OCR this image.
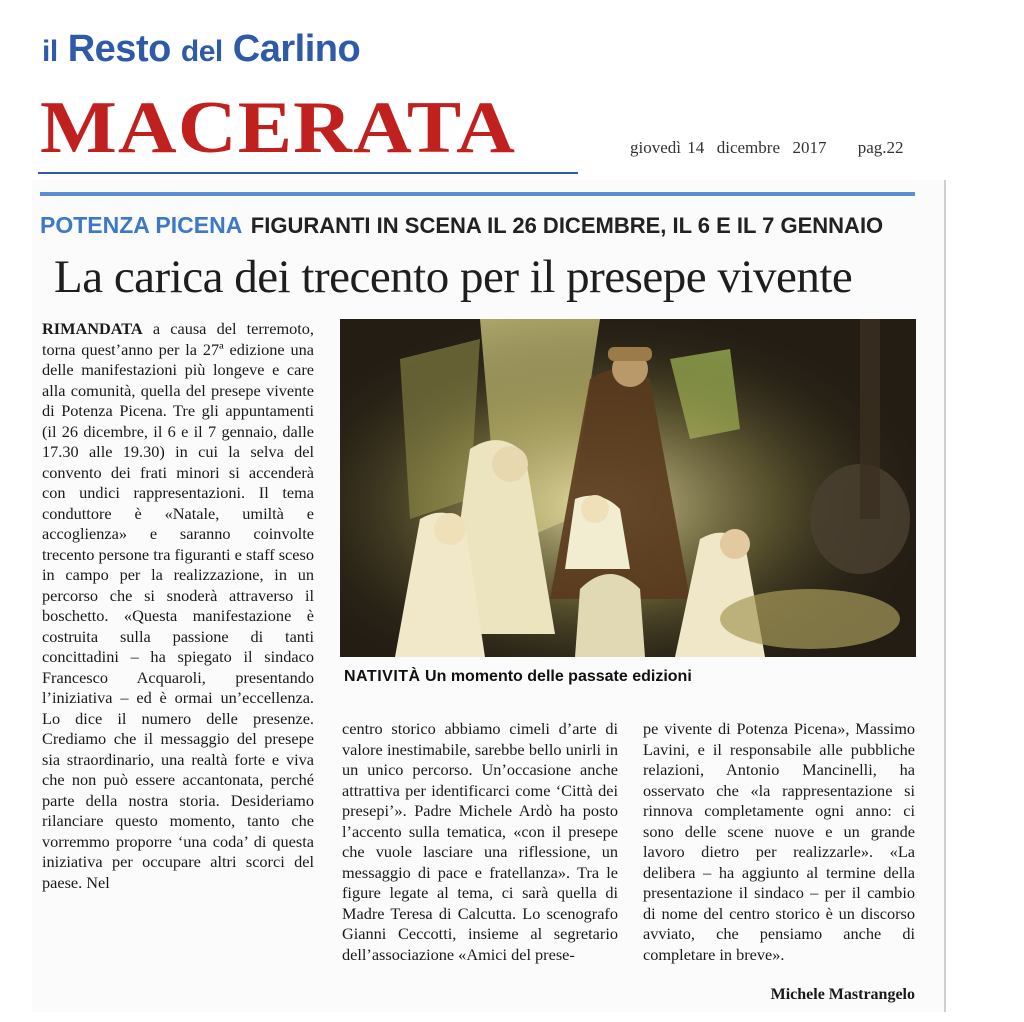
il Resto del Carlino
MACERATA	giovedì 14  dicembre  2017     pag.22
POTENZA PICENA FIGURANTI IN SCENA IL 26 DICEMBRE, IL 6 E IL 7 GENNAIO
La carica dei trecento per il presepe vivente
RIMANDATA a causa del terremoto, torna quest’anno per la 27ª edizione una delle manifestazioni più longeve e care alla comunità, quella del presepe vivente di Potenza Picena. Tre gli appuntamenti (il 26 dicembre, il 6 e il 7 gennaio, dalle 17.30 alle 19.30) in cui la selva del convento dei frati minori si accenderà con undici rappresentazioni. Il tema conduttore è «Natale, umiltà e accoglienza» e saranno coinvolte trecento persone tra figuranti e staff sceso in campo per la realizzazione, in un percorso che si snoderà attraverso il boschetto. «Questa manifestazione è costruita sulla passione di tanti concittadini – ha spiegato il sindaco Francesco Acquaroli, presentando l’iniziativa – ed è ormai un’eccellenza. Lo dice il numero delle presenze. Crediamo che il messaggio del presepe sia straordinario, una realtà forte e viva che non può essere accantonata, perché parte della nostra storia. Desideriamo rilanciare questo momento, tanto che vorremmo proporre ‘una coda’ di questa iniziativa per occupare altri scorci del paese. Nel
NATIVITÀ Un momento delle passate edizioni
centro storico abbiamo cimeli d’arte di valore inestimabile, sarebbe bello unirli in un unico percorso. Un’occasione anche attrattiva per identificarci come ‘Città dei presepi’». Padre Michele Ardò ha posto l’accento sulla tematica, «con il presepe che vuole lasciare una riflessione, un messaggio di pace e fratellanza». Tra le figure legate al tema, ci sarà quella di Madre Teresa di Calcutta. Lo scenografo Gianni Ceccotti, insieme al segretario dell’associazione «Amici del prese-
pe vivente di Potenza Picena», Massimo Lavini, e il responsabile alle pubbliche relazioni, Antonio Mancinelli, ha osservato che «la rappresentazione si rinnova completamente ogni anno: ci sono delle scene nuove e un grande lavoro dietro per realizzarle». «La delibera – ha aggiunto al termine della presentazione il sindaco – per il cambio di nome del centro storico è un discorso avviato, che pensiamo anche di completare in breve».
Michele Mastrangelo
